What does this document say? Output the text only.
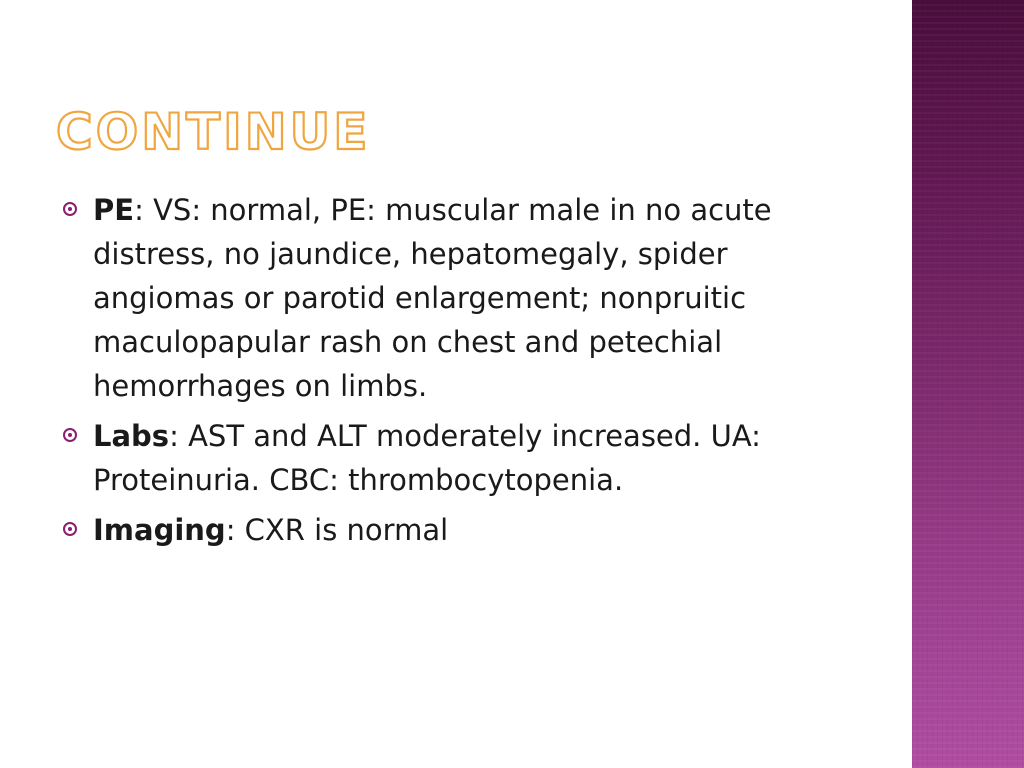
CONTINUE
PE: VS: normal, PE: muscular male in no acute distress, no jaundice, hepatomegaly, spider angiomas or parotid enlargement; nonpruitic maculopapular rash on chest and petechial hemorrhages on limbs.
Labs: AST and ALT moderately increased. UA: Proteinuria. CBC: thrombocytopenia.
Imaging: CXR is normal
